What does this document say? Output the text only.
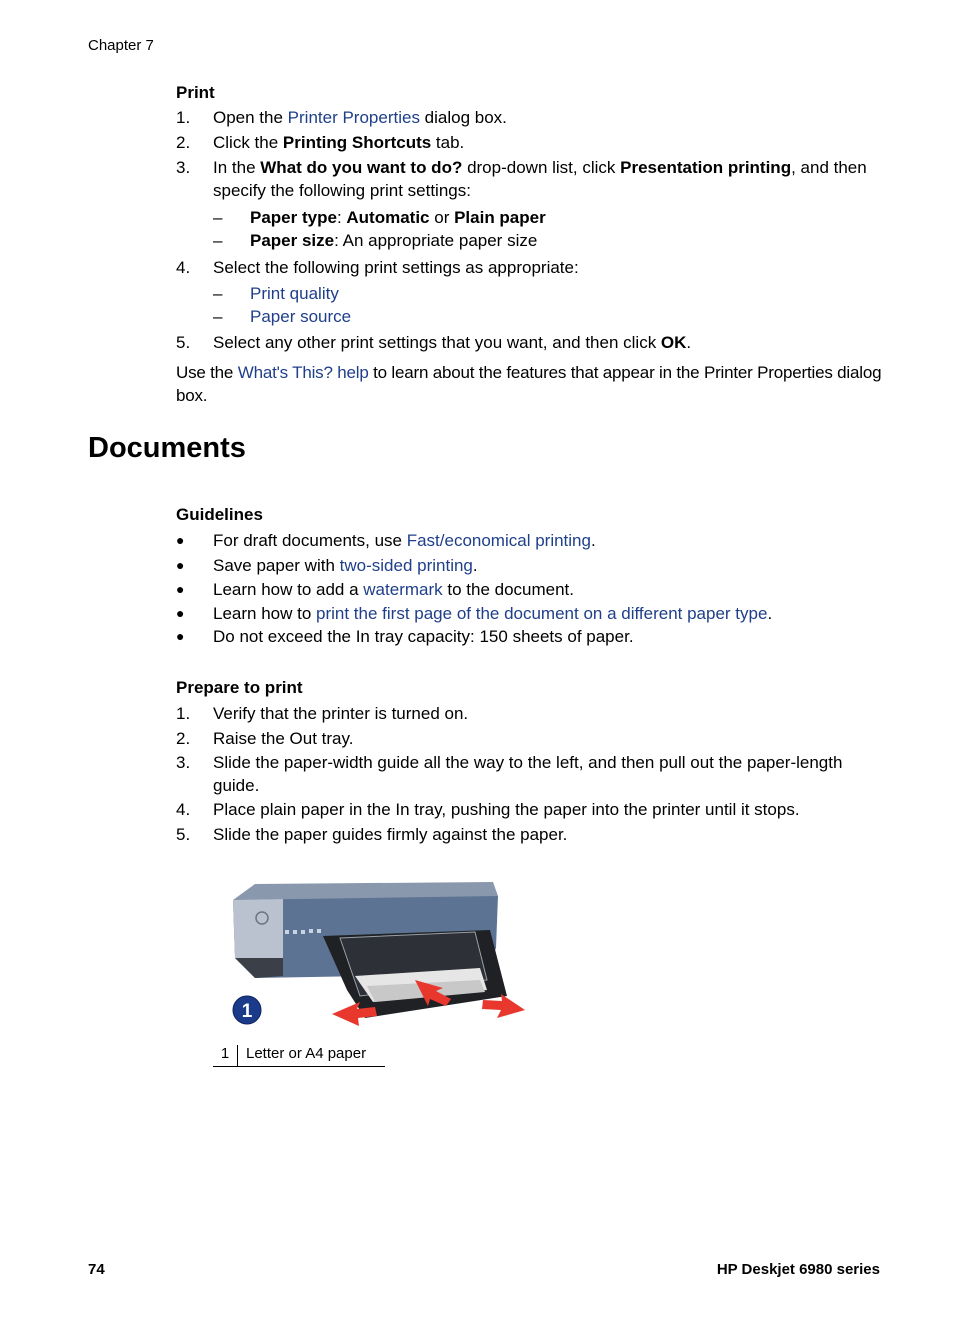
Chapter 7
Print
1. Open the Printer Properties dialog box.
2. Click the Printing Shortcuts tab.
3. In the What do you want to do? drop-down list, click Presentation printing, and then specify the following print settings:
– Paper type: Automatic or Plain paper
– Paper size: An appropriate paper size
4. Select the following print settings as appropriate:
– Print quality
– Paper source
5. Select any other print settings that you want, and then click OK.
Use the What's This? help to learn about the features that appear in the Printer Properties dialog box.
Documents
Guidelines
● For draft documents, use Fast/economical printing.
● Save paper with two-sided printing.
● Learn how to add a watermark to the document.
● Learn how to print the first page of the document on a different paper type.
● Do not exceed the In tray capacity: 150 sheets of paper.
Prepare to print
1. Verify that the printer is turned on.
2. Raise the Out tray.
3. Slide the paper-width guide all the way to the left, and then pull out the paper-length guide.
4. Place plain paper in the In tray, pushing the paper into the printer until it stops.
5. Slide the paper guides firmly against the paper.
1
1	Letter or A4 paper
74	HP Deskjet 6980 series
